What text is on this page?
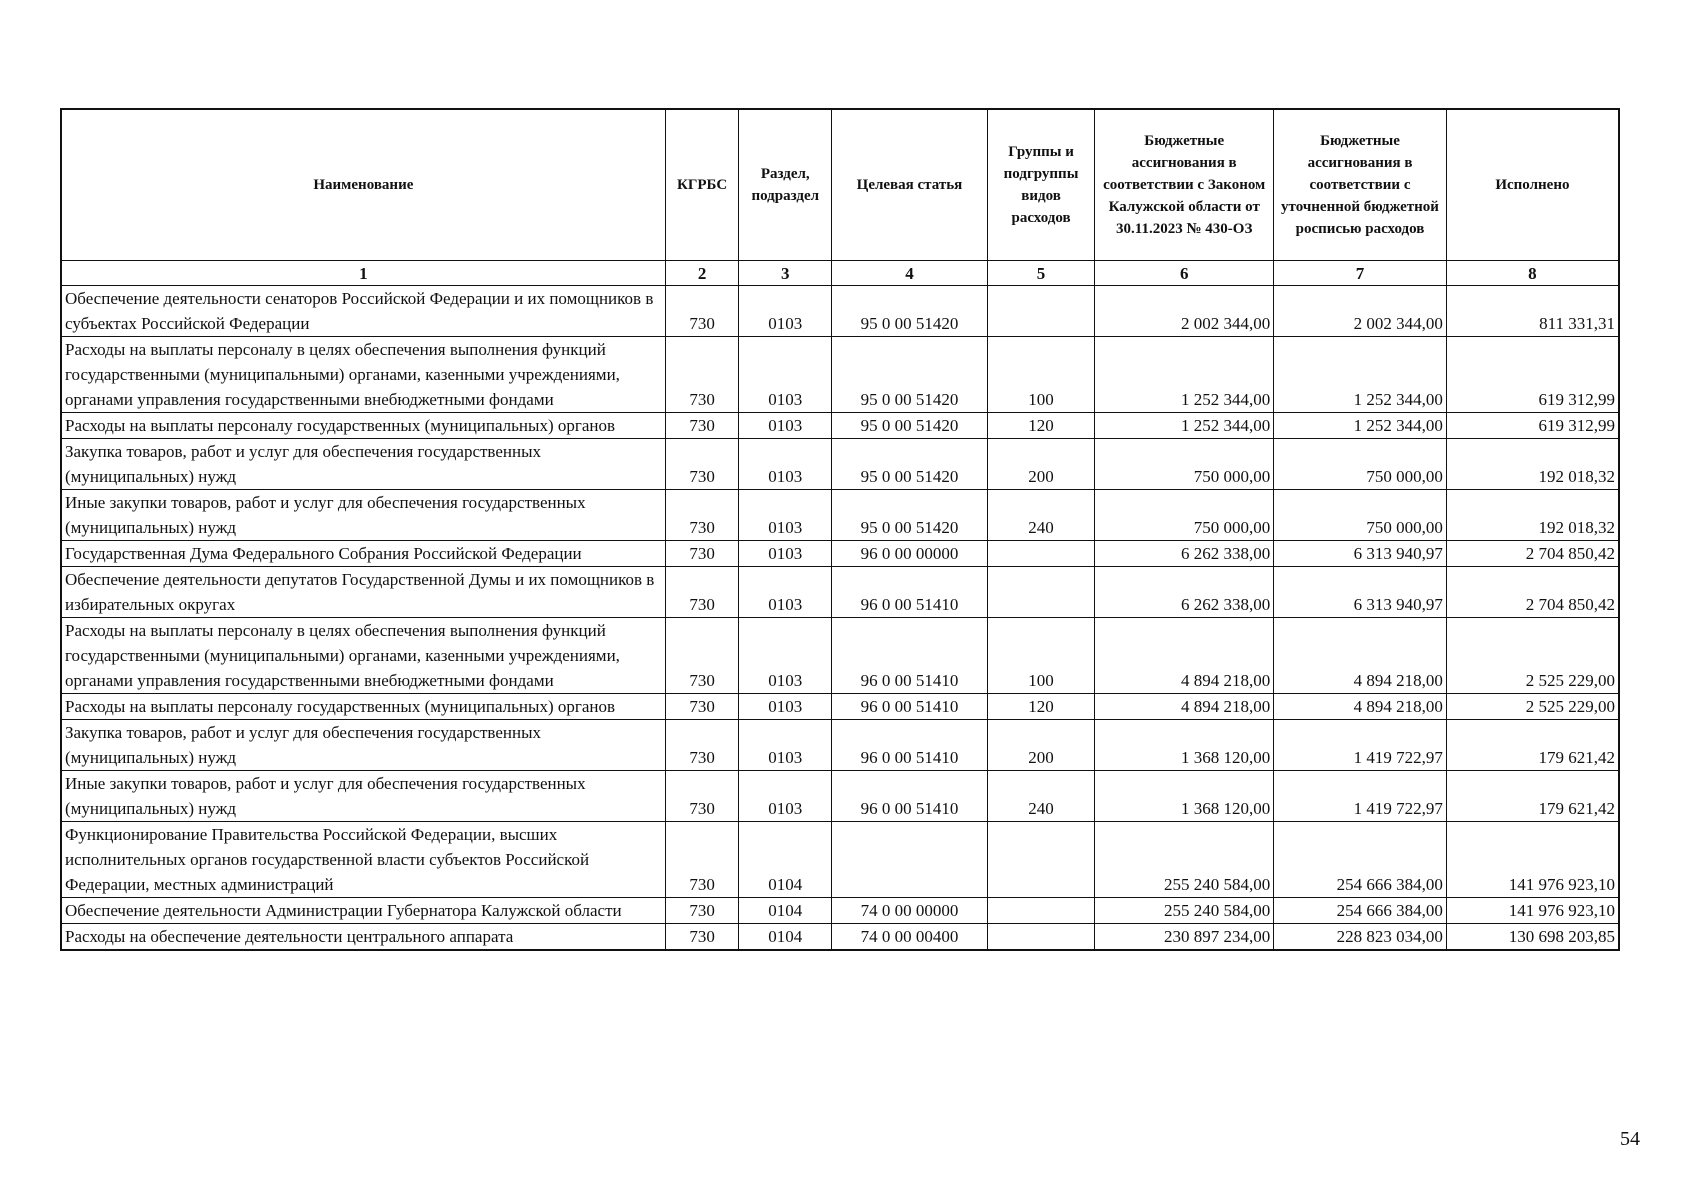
Наименование	КГРБС	Раздел, подраздел	Целевая статья	Группы и подгруппы видов расходов	Бюджетные ассигнования в соответствии с Законом Калужской области от 30.11.2023 № 430-ОЗ	Бюджетные ассигнования в соответствии с уточненной бюджетной росписью расходов	Исполнено
1	2	3	4	5	6	7	8
Обеспечение деятельности сенаторов Российской Федерации и их помощников в субъектах Российской Федерации	730	0103	95 0 00 51420		2 002 344,00	2 002 344,00	811 331,31
Расходы на выплаты персоналу в целях обеспечения выполнения функций государственными (муниципальными) органами, казенными учреждениями, органами управления государственными внебюджетными фондами	730	0103	95 0 00 51420	100	1 252 344,00	1 252 344,00	619 312,99
Расходы на выплаты персоналу государственных (муниципальных) органов	730	0103	95 0 00 51420	120	1 252 344,00	1 252 344,00	619 312,99
Закупка товаров, работ и услуг для обеспечения государственных (муниципальных) нужд	730	0103	95 0 00 51420	200	750 000,00	750 000,00	192 018,32
Иные закупки товаров, работ и услуг для обеспечения государственных (муниципальных) нужд	730	0103	95 0 00 51420	240	750 000,00	750 000,00	192 018,32
Государственная Дума Федерального Собрания Российской Федерации	730	0103	96 0 00 00000		6 262 338,00	6 313 940,97	2 704 850,42
Обеспечение деятельности депутатов Государственной Думы и их помощников в избирательных округах	730	0103	96 0 00 51410		6 262 338,00	6 313 940,97	2 704 850,42
Расходы на выплаты персоналу в целях обеспечения выполнения функций государственными (муниципальными) органами, казенными учреждениями, органами управления государственными внебюджетными фондами	730	0103	96 0 00 51410	100	4 894 218,00	4 894 218,00	2 525 229,00
Расходы на выплаты персоналу государственных (муниципальных) органов	730	0103	96 0 00 51410	120	4 894 218,00	4 894 218,00	2 525 229,00
Закупка товаров, работ и услуг для обеспечения государственных (муниципальных) нужд	730	0103	96 0 00 51410	200	1 368 120,00	1 419 722,97	179 621,42
Иные закупки товаров, работ и услуг для обеспечения государственных (муниципальных) нужд	730	0103	96 0 00 51410	240	1 368 120,00	1 419 722,97	179 621,42
Функционирование Правительства Российской Федерации, высших исполнительных органов государственной власти субъектов Российской Федерации, местных администраций	730	0104			255 240 584,00	254 666 384,00	141 976 923,10
Обеспечение деятельности Администрации Губернатора Калужской области	730	0104	74 0 00 00000		255 240 584,00	254 666 384,00	141 976 923,10
Расходы на обеспечение деятельности центрального аппарата	730	0104	74 0 00 00400		230 897 234,00	228 823 034,00	130 698 203,85
54
